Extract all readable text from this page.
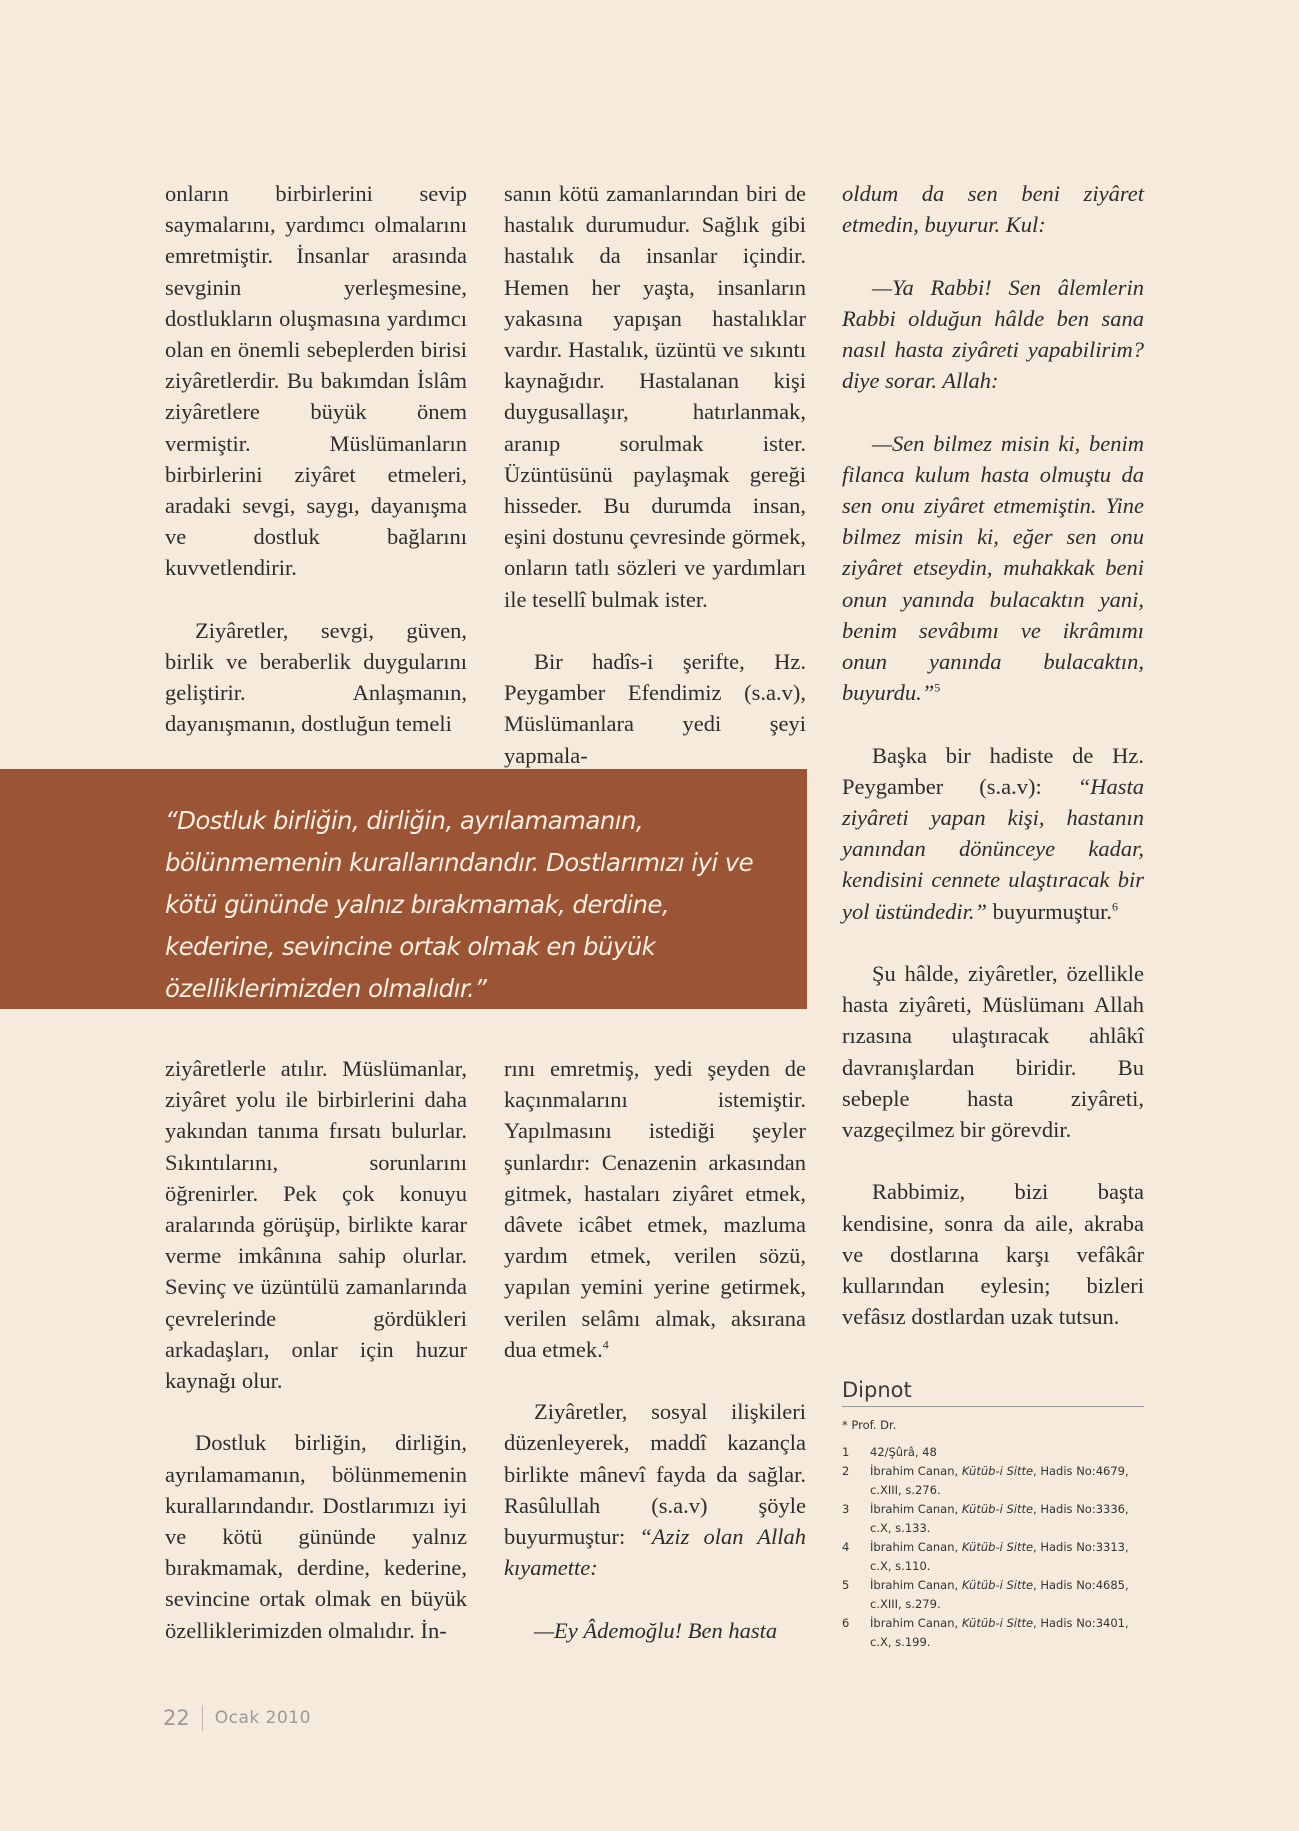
onların birbirlerini sevip saymalarını, yardımcı olmalarını emretmiştir. İnsanlar arasında sevginin yerleşmesine, dostlukların oluşmasına yardımcı olan en önemli sebeplerden birisi ziyâretlerdir. Bu bakımdan İslâm ziyâretlere büyük önem vermiştir. Müslümanların birbirlerini ziyâret etmeleri, aradaki sevgi, saygı, dayanışma ve dostluk bağlarını kuvvetlendirir.

Ziyâretler, sevgi, güven, birlik ve beraberlik duygularını geliştirir. Anlaşmanın, dayanışmanın, dostluğun temeli

sanın kötü zamanlarından biri de hastalık durumudur. Sağlık gibi hastalık da insanlar içindir. Hemen her yaşta, insanların yakasına yapışan hastalıklar vardır. Hastalık, üzüntü ve sıkıntı kaynağıdır. Hastalanan kişi duygusallaşır, hatırlanmak, aranıp sorulmak ister. Üzüntüsünü paylaşmak gereği hisseder. Bu durumda insan, eşini dostunu çevresinde görmek, onların tatlı sözleri ve yardımları ile tesellî bulmak ister.

Bir hadîs-i şerifte, Hz. Peygamber Efendimiz (s.a.v), Müslümanlara yedi şeyi yapmala-

“Dostluk birliğin, dirliğin, ayrılamamanın, bölünmemenin kurallarındandır. Dostlarımızı iyi ve kötü gününde yalnız bırakmamak, derdine, kederine, sevincine ortak olmak en büyük özelliklerimizden olmalıdır.”

ziyâretlerle atılır. Müslümanlar, ziyâret yolu ile birbirlerini daha yakından tanıma fırsatı bulurlar. Sıkıntılarını, sorunlarını öğrenirler. Pek çok konuyu aralarında görüşüp, birlikte karar verme imkânına sahip olurlar. Sevinç ve üzüntülü zamanlarında çevrelerinde gördükleri arkadaşları, onlar için huzur kaynağı olur.

Dostluk birliğin, dirliğin, ayrılamamanın, bölünmemenin kurallarındandır. Dostlarımızı iyi ve kötü gününde yalnız bırakmamak, derdine, kederine, sevincine ortak olmak en büyük özelliklerimizden olmalıdır. İn-

rını emretmiş, yedi şeyden de kaçınmalarını istemiştir. Yapılmasını istediği şeyler şunlardır: Cenazenin arkasından gitmek, hastaları ziyâret etmek, dâvete icâbet etmek, mazluma yardım etmek, verilen sözü, yapılan yemini yerine getirmek, verilen selâmı almak, aksırana dua etmek.$^4$

Ziyâretler, sosyal ilişkileri düzenleyerek, maddî kazançla birlikte mânevî fayda da sağlar. Rasûlullah (s.a.v) şöyle buyurmuştur: “Aziz olan Allah kıyamette:

—Ey Âdemoğlu! Ben hasta

oldum da sen beni ziyâret etmedin, buyurur. Kul:

—Ya Rabbi! Sen âlemlerin Rabbi olduğun hâlde ben sana nasıl hasta ziyâreti yapabilirim? diye sorar. Allah:

—Sen bilmez misin ki, benim filanca kulum hasta olmuştu da sen onu ziyâret etmemiştin. Yine bilmez misin ki, eğer sen onu ziyâret etseydin, muhakkak beni onun yanında bulacaktın yani, benim sevâbımı ve ikrâmımı onun yanında bulacaktın, buyurdu.”$^5$

Başka bir hadiste de Hz. Peygamber (s.a.v): “Hasta ziyâreti yapan kişi, hastanın yanından dönünceye kadar, kendisini cennete ulaştıracak bir yol üstündedir.” buyurmuştur.$^6$

Şu hâlde, ziyâretler, özellikle hasta ziyâreti, Müslümanı Allah rızasına ulaştıracak ahlâkî davranışlardan biridir. Bu sebeple hasta ziyâreti, vazgeçilmez bir görevdir.

Rabbimiz, bizi başta kendisine, sonra da aile, akraba ve dostlarına karşı vefâkâr kullarından eylesin; bizleri vefâsız dostlardan uzak tutsun.

Dipnot
* Prof. Dr.
1	42/Şûrâ, 48
2	İbrahim Canan, Kütüb-i Sitte, Hadis No:4679, c.XIII, s.276.
3	İbrahim Canan, Kütüb-i Sitte, Hadis No:3336, c.X, s.133.
4	İbrahim Canan, Kütüb-i Sitte, Hadis No:3313, c.X, s.110.
5	İbrahim Canan, Kütüb-i Sitte, Hadis No:4685, c.XIII, s.279.
6	İbrahim Canan, Kütüb-i Sitte, Hadis No:3401, c.X, s.199.
22 Ocak 2010
